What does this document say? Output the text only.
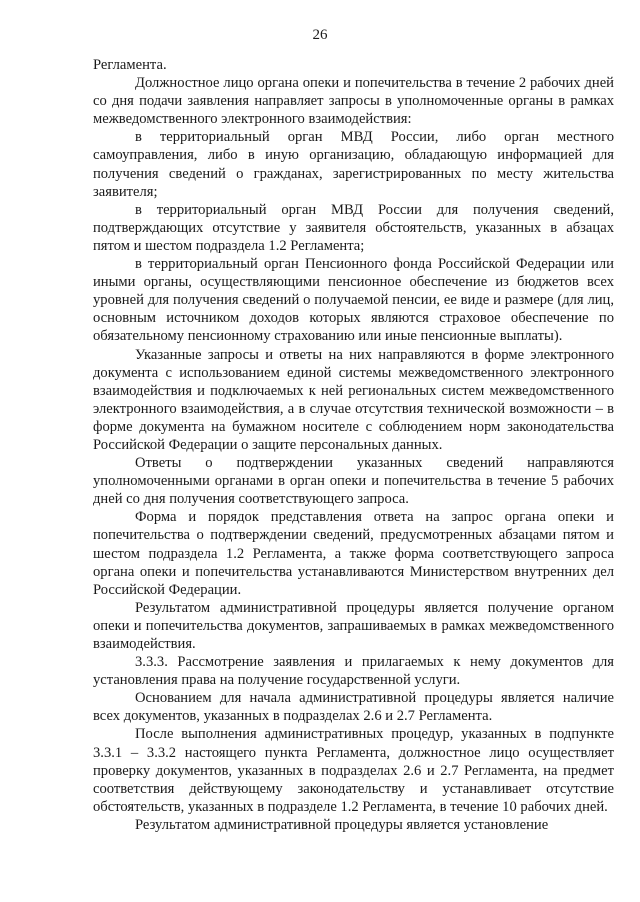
26

Регламента.

Должностное лицо органа опеки и попечительства в течение 2 рабочих дней со дня подачи заявления направляет запросы в уполномоченные органы в рамках межведомственного электронного взаимодействия:

в территориальный орган МВД России, либо орган местного самоуправления, либо в иную организацию, обладающую информацией для получения сведений о гражданах, зарегистрированных по месту жительства заявителя;

в территориальный орган МВД России для получения сведений, подтверждающих отсутствие у заявителя обстоятельств, указанных в абзацах пятом и шестом подраздела 1.2 Регламента;

в территориальный орган Пенсионного фонда Российской Федерации или иными органы, осуществляющими пенсионное обеспечение из бюджетов всех уровней для получения сведений о получаемой пенсии, ее виде и размере (для лиц, основным источником доходов которых являются страховое обеспечение по обязательному пенсионному страхованию или иные пенсионные выплаты).

Указанные запросы и ответы на них направляются в форме электронного документа с использованием единой системы межведомственного электронного взаимодействия и подключаемых к ней региональных систем межведомственного электронного взаимодействия, а в случае отсутствия технической возможности – в форме документа на бумажном носителе с соблюдением норм законодательства Российской Федерации о защите персональных данных.

Ответы о подтверждении указанных сведений направляются уполномоченными органами в орган опеки и попечительства в течение 5 рабочих дней со дня получения соответствующего запроса.

Форма и порядок представления ответа на запрос органа опеки и попечительства о подтверждении сведений, предусмотренных абзацами пятом и шестом подраздела 1.2 Регламента, а также форма соответствующего запроса органа опеки и попечительства устанавливаются Министерством внутренних дел Российской Федерации.

Результатом административной процедуры является получение органом опеки и попечительства документов, запрашиваемых в рамках межведомственного взаимодействия.

3.3.3. Рассмотрение заявления и прилагаемых к нему документов для установления права на получение государственной услуги.

Основанием для начала административной процедуры является наличие всех документов, указанных в подразделах 2.6 и 2.7 Регламента.

После выполнения административных процедур, указанных в подпункте 3.3.1 – 3.3.2 настоящего пункта Регламента, должностное лицо осуществляет проверку документов, указанных в подразделах 2.6 и 2.7 Регламента, на предмет соответствия действующему законодательству и устанавливает отсутствие обстоятельств, указанных в подразделе 1.2 Регламента, в течение 10 рабочих дней.

Результатом административной процедуры является установление
